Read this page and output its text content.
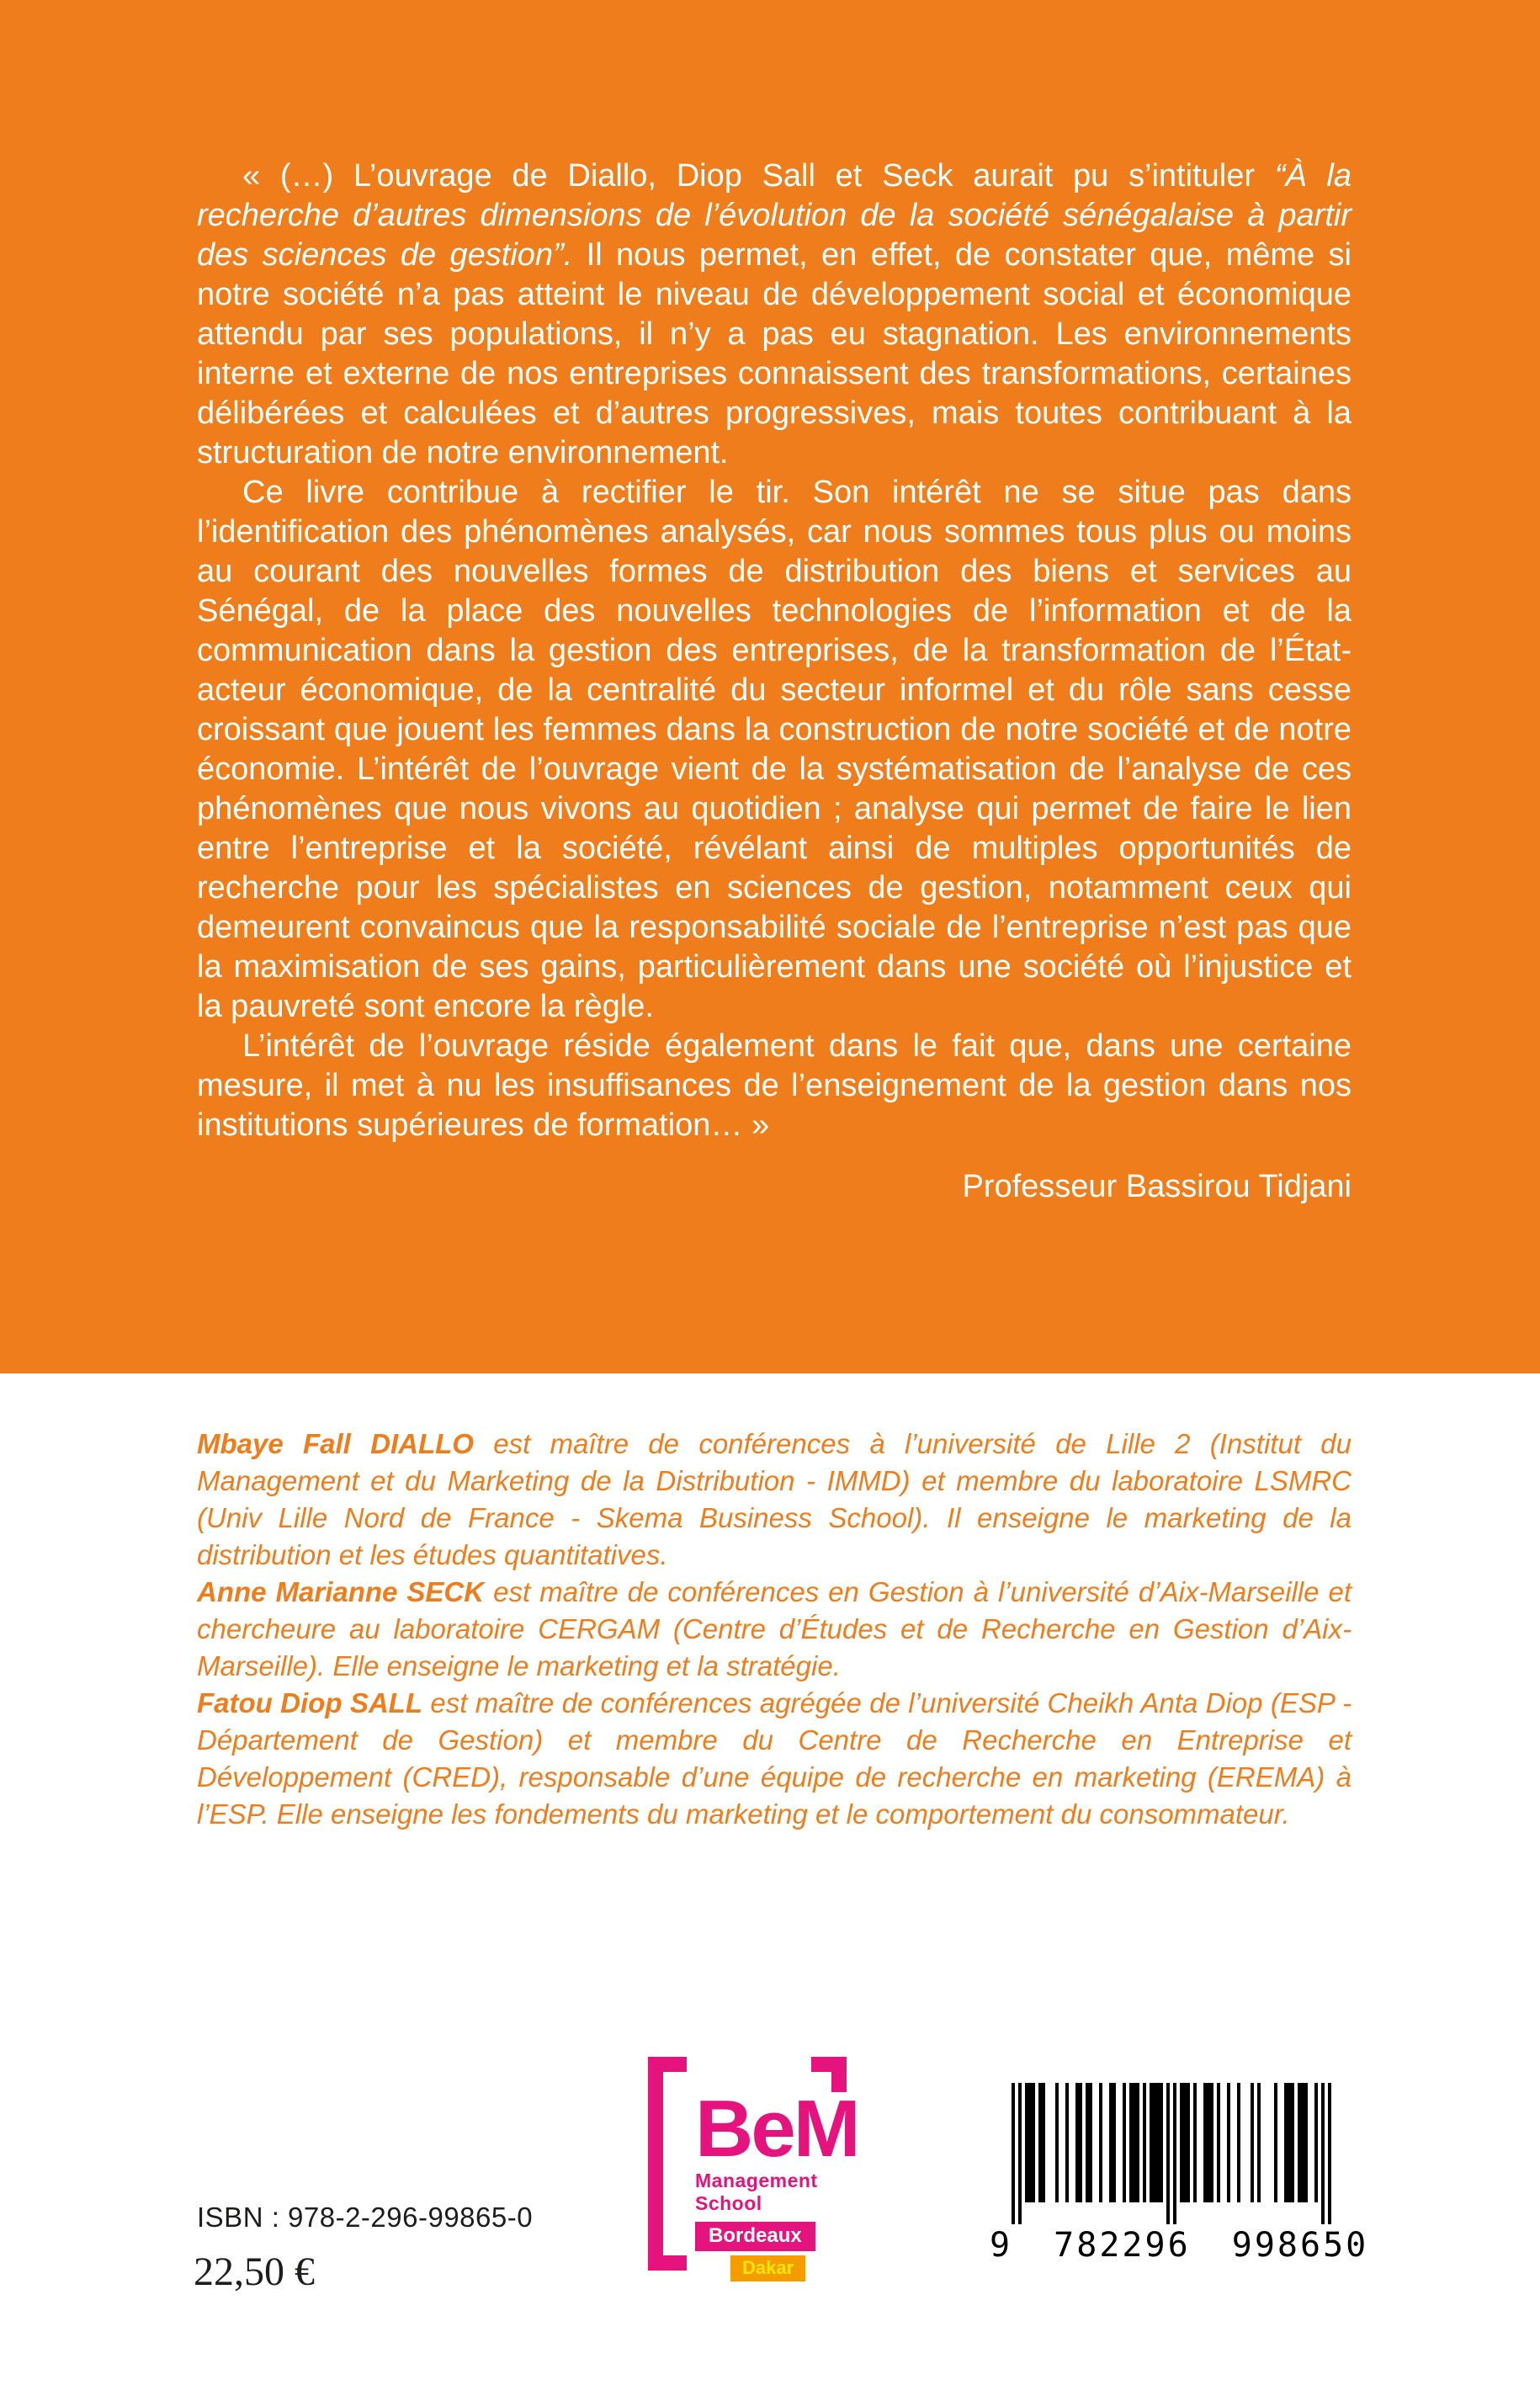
« (…) L’ouvrage de Diallo, Diop Sall et Seck aurait pu s’intituler “À la recherche d’autres dimensions de l’évolution de la société sénégalaise à partir des sciences de gestion”. Il nous permet, en effet, de constater que, même si notre société n’a pas atteint le niveau de développement social et économique attendu par ses populations, il n’y a pas eu stagnation. Les environnements interne et externe de nos entreprises connaissent des transformations, certaines délibérées et calculées et d’autres progressives, mais toutes contribuant à la structuration de notre environnement.

Ce livre contribue à rectifier le tir. Son intérêt ne se situe pas dans l’identification des phénomènes analysés, car nous sommes tous plus ou moins au courant des nouvelles formes de distribution des biens et services au Sénégal, de la place des nouvelles technologies de l’information et de la communication dans la gestion des entreprises, de la transformation de l’État-acteur économique, de la centralité du secteur informel et du rôle sans cesse croissant que jouent les femmes dans la construction de notre société et de notre économie. L’intérêt de l’ouvrage vient de la systématisation de l’analyse de ces phénomènes que nous vivons au quotidien ; analyse qui permet de faire le lien entre l’entreprise et la société, révélant ainsi de multiples opportunités de recherche pour les spécialistes en sciences de gestion, notamment ceux qui demeurent convaincus que la responsabilité sociale de l’entreprise n’est pas que la maximisation de ses gains, particulièrement dans une société où l’injustice et la pauvreté sont encore la règle.

L’intérêt de l’ouvrage réside également dans le fait que, dans une certaine mesure, il met à nu les insuffisances de l’enseignement de la gestion dans nos institutions supérieures de formation… »

Professeur Bassirou Tidjani

Mbaye Fall DIALLO est maître de conférences à l’université de Lille 2 (Institut du Management et du Marketing de la Distribution - IMMD) et membre du laboratoire LSMRC (Univ Lille Nord de France - Skema Business School). Il enseigne le marketing de la distribution et les études quantitatives.

Anne Marianne SECK est maître de conférences en Gestion à l’université d’Aix-Marseille et chercheure au laboratoire CERGAM (Centre d’Études et de Recherche en Gestion d’Aix-Marseille). Elle enseigne le marketing et la stratégie.

Fatou Diop SALL est maître de conférences agrégée de l’université Cheikh Anta Diop (ESP - Département de Gestion) et membre du Centre de Recherche en Entreprise et Développement (CRED), responsable d’une équipe de recherche en marketing (EREMA) à l’ESP. Elle enseigne les fondements du marketing et le comportement du consommateur.

BeM
Management School
Bordeaux
Dakar
ISBN : 978-2-296-99865-0
22,50 €
9 782296 998650
